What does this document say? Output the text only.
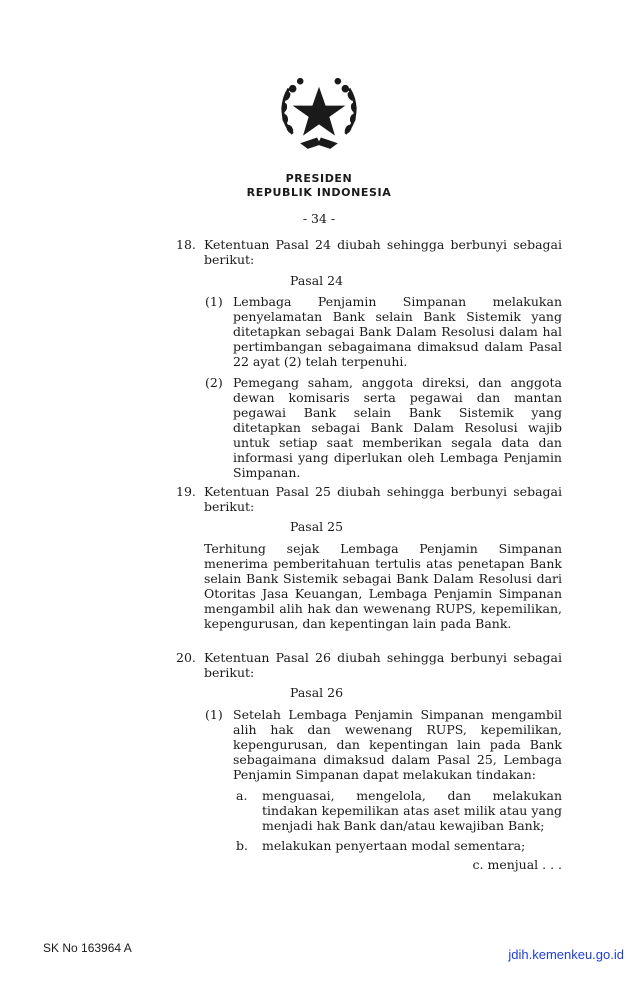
PRESIDEN
REPUBLIK INDONESIA
- 34 -
18. Ketentuan Pasal 24 diubah sehingga berbunyi sebagai berikut:
Pasal 24
(1) Lembaga Penjamin Simpanan melakukan penyelamatan Bank selain Bank Sistemik yang ditetapkan sebagai Bank Dalam Resolusi dalam hal pertimbangan sebagaimana dimaksud dalam Pasal 22 ayat (2) telah terpenuhi.
(2) Pemegang saham, anggota direksi, dan anggota dewan komisaris serta pegawai dan mantan pegawai Bank selain Bank Sistemik yang ditetapkan sebagai Bank Dalam Resolusi wajib untuk setiap saat memberikan segala data dan informasi yang diperlukan oleh Lembaga Penjamin Simpanan.
19. Ketentuan Pasal 25 diubah sehingga berbunyi sebagai berikut:
Pasal 25
Terhitung sejak Lembaga Penjamin Simpanan menerima pemberitahuan tertulis atas penetapan Bank selain Bank Sistemik sebagai Bank Dalam Resolusi dari Otoritas Jasa Keuangan, Lembaga Penjamin Simpanan mengambil alih hak dan wewenang RUPS, kepemilikan, kepengurusan, dan kepentingan lain pada Bank.
20. Ketentuan Pasal 26 diubah sehingga berbunyi sebagai berikut:
Pasal 26
(1) Setelah Lembaga Penjamin Simpanan mengambil alih hak dan wewenang RUPS, kepemilikan, kepengurusan, dan kepentingan lain pada Bank sebagaimana dimaksud dalam Pasal 25, Lembaga Penjamin Simpanan dapat melakukan tindakan:
a. menguasai, mengelola, dan melakukan tindakan kepemilikan atas aset milik atau yang menjadi hak Bank dan/atau kewajiban Bank;
b. melakukan penyertaan modal sementara;
c. menjual . . .
SK No 163964 A	jdih.kemenkeu.go.id
